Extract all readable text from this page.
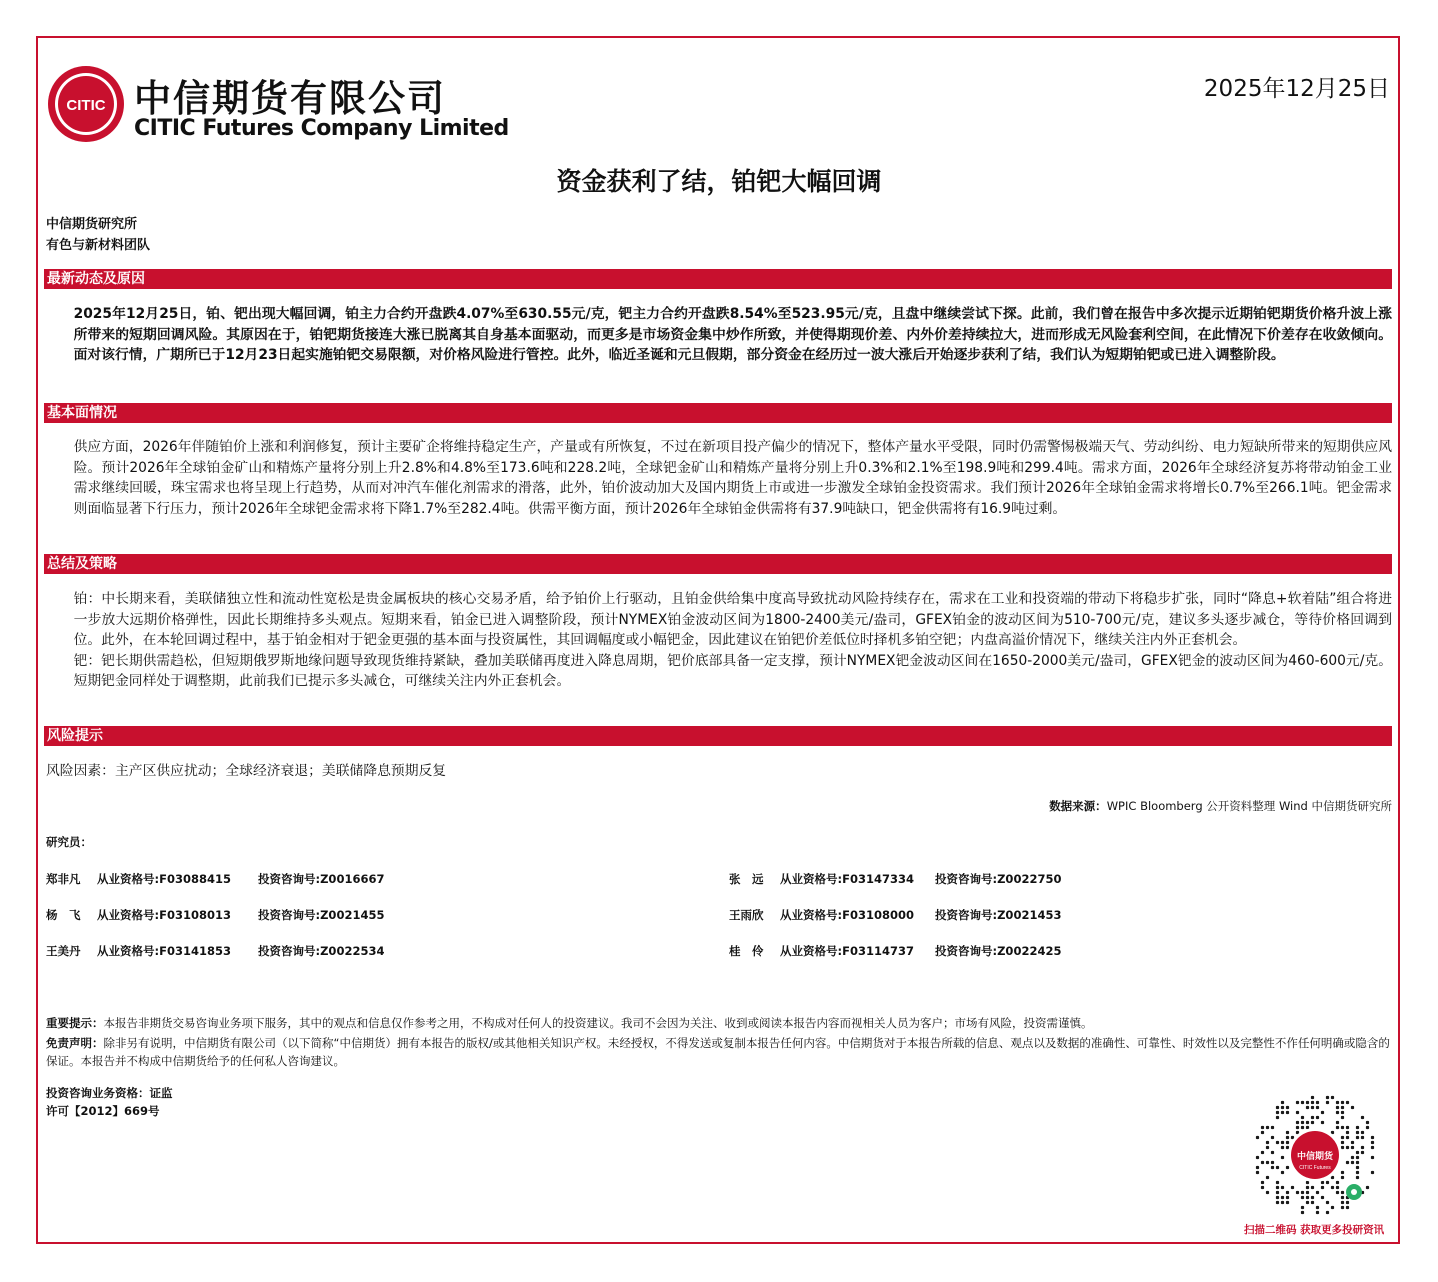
CITIC 中信期货有限公司
CITIC Futures Company Limited
2025年12月25日
资金获利了结，铂钯大幅回调
中信期货研究所
有色与新材料团队
最新动态及原因
2025年12月25日，铂、钯出现大幅回调，铂主力合约开盘跌4.07%至630.55元/克，钯主力合约开盘跌8.54%至523.95元/克，且盘中继续尝试下探。此前，我们曾在报告中多次提示近期铂钯期货价格升波上涨所带来的短期回调风险。其原因在于，铂钯期货接连大涨已脱离其自身基本面驱动，而更多是市场资金集中炒作所致，并使得期现价差、内外价差持续拉大，进而形成无风险套利空间，在此情况下价差存在收敛倾向。面对该行情，广期所已于12月23日起实施铂钯交易限额，对价格风险进行管控。此外，临近圣诞和元旦假期，部分资金在经历过一波大涨后开始逐步获利了结，我们认为短期铂钯或已进入调整阶段。
基本面情况
供应方面，2026年伴随铂价上涨和利润修复，预计主要矿企将维持稳定生产，产量或有所恢复，不过在新项目投产偏少的情况下，整体产量水平受限，同时仍需警惕极端天气、劳动纠纷、电力短缺所带来的短期供应风险。预计2026年全球铂金矿山和精炼产量将分别上升2.8%和4.8%至173.6吨和228.2吨，全球钯金矿山和精炼产量将分别上升0.3%和2.1%至198.9吨和299.4吨。需求方面，2026年全球经济复苏将带动铂金工业需求继续回暖，珠宝需求也将呈现上行趋势，从而对冲汽车催化剂需求的滑落，此外，铂价波动加大及国内期货上市或进一步激发全球铂金投资需求。我们预计2026年全球铂金需求将增长0.7%至266.1吨。钯金需求则面临显著下行压力，预计2026年全球钯金需求将下降1.7%至282.4吨。供需平衡方面，预计2026年全球铂金供需将有37.9吨缺口，钯金供需将有16.9吨过剩。
总结及策略
铂：中长期来看，美联储独立性和流动性宽松是贵金属板块的核心交易矛盾，给予铂价上行驱动，且铂金供给集中度高导致扰动风险持续存在，需求在工业和投资端的带动下将稳步扩张，同时“降息+软着陆”组合将进一步放大远期价格弹性，因此长期维持多头观点。短期来看，铂金已进入调整阶段，预计NYMEX铂金波动区间为1800-2400美元/盎司，GFEX铂金的波动区间为510-700元/克，建议多头逐步减仓，等待价格回调到位。此外，在本轮回调过程中，基于铂金相对于钯金更强的基本面与投资属性，其回调幅度或小幅钯金，因此建议在铂钯价差低位时择机多铂空钯；内盘高溢价情况下，继续关注内外正套机会。
钯：钯长期供需趋松，但短期俄罗斯地缘问题导致现货维持紧缺，叠加美联储再度进入降息周期，钯价底部具备一定支撑，预计NYMEX钯金波动区间在1650-2000美元/盎司，GFEX钯金的波动区间为460-600元/克。短期钯金同样处于调整期，此前我们已提示多头减仓，可继续关注内外正套机会。
风险提示
风险因素：主产区供应扰动；全球经济衰退；美联储降息预期反复
数据来源：WPIC Bloomberg 公开资料整理 Wind 中信期货研究所
研究员：
郑非凡 从业资格号:F03088415 投资咨询号:Z0016667	张　远 从业资格号:F03147334 投资咨询号:Z0022750
杨　飞 从业资格号:F03108013 投资咨询号:Z0021455	王雨欣 从业资格号:F03108000 投资咨询号:Z0021453
王美丹 从业资格号:F03141853 投资咨询号:Z0022534	桂　伶 从业资格号:F03114737 投资咨询号:Z0022425
重要提示：本报告非期货交易咨询业务项下服务，其中的观点和信息仅作参考之用，不构成对任何人的投资建议。我司不会因为关注、收到或阅读本报告内容而视相关人员为客户；市场有风险，投资需谨慎。
免责声明：除非另有说明，中信期货有限公司（以下简称“中信期货）拥有本报告的版权/或其他相关知识产权。未经授权，不得发送或复制本报告任何内容。中信期货对于本报告所载的信息、观点以及数据的准确性、可靠性、时效性以及完整性不作任何明确或隐含的保证。本报告并不构成中信期货给予的任何私人咨询建议。
投资咨询业务资格：证监
许可【2012】669号
中信期货
CITIC Futures
扫描二维码 获取更多投研资讯
